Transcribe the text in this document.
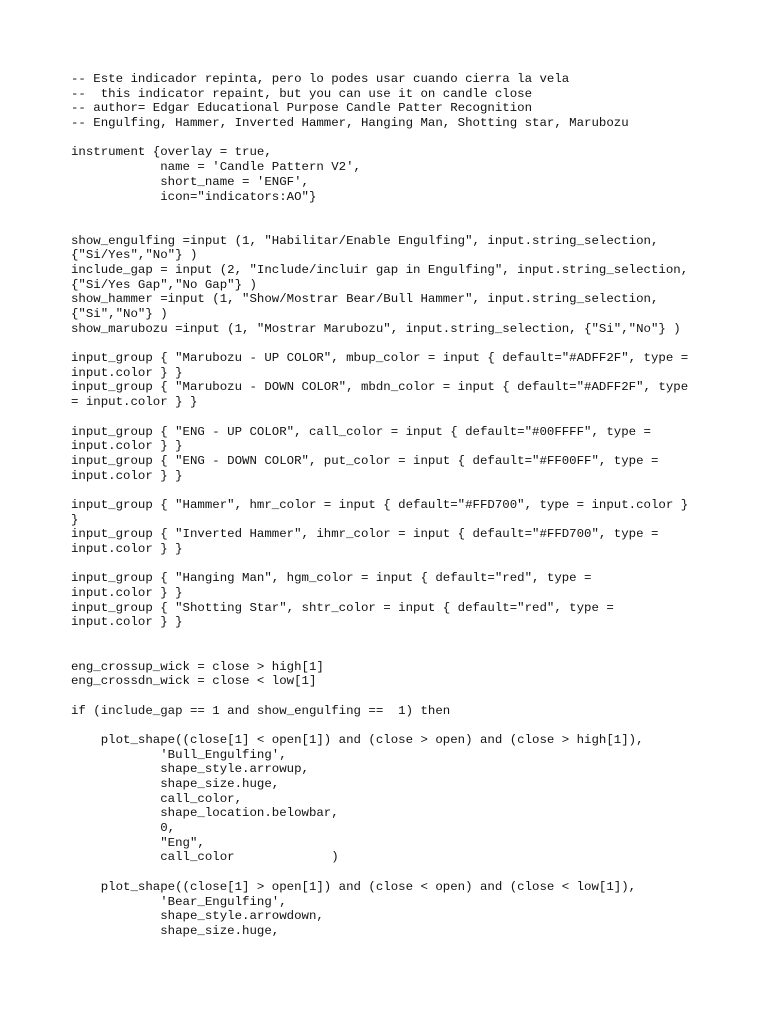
-- Este indicador repinta, pero lo podes usar cuando cierra la vela
--  this indicator repaint, but you can use it on candle close
-- author= Edgar Educational Purpose Candle Patter Recognition
-- Engulfing, Hammer, Inverted Hammer, Hanging Man, Shotting star, Marubozu
instrument {overlay = true,
name = 'Candle Pattern V2',
short_name = 'ENGF',
icon="indicators:AO"}
show_engulfing =input (1, "Habilitar/Enable Engulfing", input.string_selection,
{"Si/Yes","No"} )
include_gap = input (2, "Include/incluir gap in Engulfing", input.string_selection,
{"Si/Yes Gap","No Gap"} )
show_hammer =input (1, "Show/Mostrar Bear/Bull Hammer", input.string_selection,
{"Si","No"} )
show_marubozu =input (1, "Mostrar Marubozu", input.string_selection, {"Si","No"} )
input_group { "Marubozu - UP COLOR", mbup_color = input { default="#ADFF2F", type =
input.color } }
input_group { "Marubozu - DOWN COLOR", mbdn_color = input { default="#ADFF2F", type
= input.color } }
input_group { "ENG - UP COLOR", call_color = input { default="#00FFFF", type =
input.color } }
input_group { "ENG - DOWN COLOR", put_color = input { default="#FF00FF", type =
input.color } }
input_group { "Hammer", hmr_color = input { default="#FFD700", type = input.color }
}
input_group { "Inverted Hammer", ihmr_color = input { default="#FFD700", type =
input.color } }
input_group { "Hanging Man", hgm_color = input { default="red", type =
input.color } }
input_group { "Shotting Star", shtr_color = input { default="red", type =
input.color } }
eng_crossup_wick = close > high[1]
eng_crossdn_wick = close < low[1]
if (include_gap == 1 and show_engulfing ==  1) then
plot_shape((close[1] < open[1]) and (close > open) and (close > high[1]),
'Bull_Engulfing',
shape_style.arrowup,
shape_size.huge,
call_color,
shape_location.belowbar,
0,
"Eng",
call_color             )
plot_shape((close[1] > open[1]) and (close < open) and (close < low[1]),
'Bear_Engulfing',
shape_style.arrowdown,
shape_size.huge,
